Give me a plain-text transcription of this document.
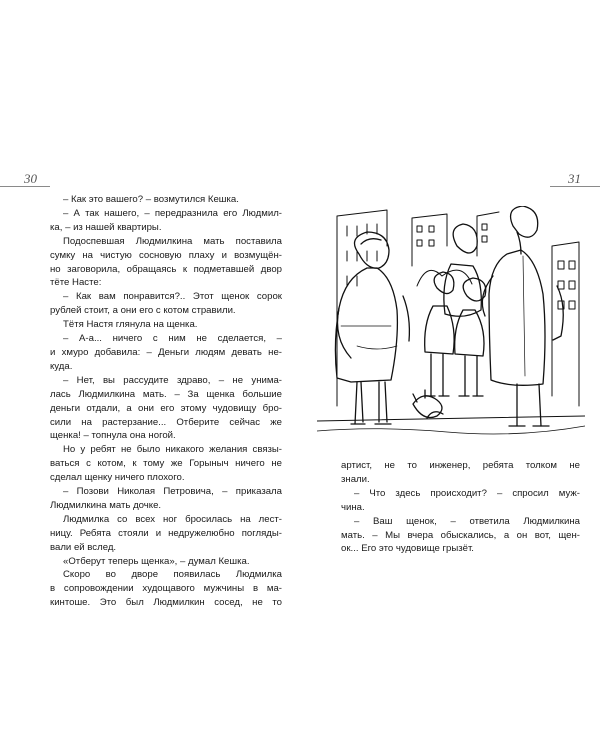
30

– Как это вашего? – возмутился Кешка.

– А так нашего, – передразнила его Людмил-

ка, – из нашей квартиры.

Подоспевшая Людмилкина мать поставила

сумку на чистую сосновую плаху и возмущён-

но заговорила, обращаясь к подметавшей двор

тёте Насте:

– Как вам понравится?.. Этот щенок сорок

рублей стоит, а они его с котом стравили.

Тётя Настя глянула на щенка.

– А-а... ничего с ним не сделается, –

и хмуро добавила: – Деньги людям девать не-

куда.

– Нет, вы рассудите здраво, – не унима-

лась Людмилкина мать. – За щенка большие

деньги отдали, а они его этому чудовищу бро-

сили на растерзание... Отберите сейчас же

щенка! – топнула она ногой.

Но у ребят не было никакого желания связы-

ваться с котом, к тому же Горыныч ничего не

сделал щенку ничего плохого.

– Позови Николая Петровича, – приказала

Людмилкина мать дочке.

Людмилка со всех ног бросилась на лест-

ницу. Ребята стояли и недружелюбно погляды-

вали ей вслед.

«Отберут теперь щенка», – думал Кешка.

Скоро во дворе появилась Людмилка

в сопровождении худощавого мужчины в ма-

кинтоше. Это был Людмилкин сосед, не то

31

артист, не то инженер, ребята толком не

знали.

– Что здесь происходит? – спросил муж-

чина.

– Ваш щенок, – ответила Людмилкина

мать. – Мы вчера обыскались, а он вот, щен-

ок... Его это чудовище грызёт.
